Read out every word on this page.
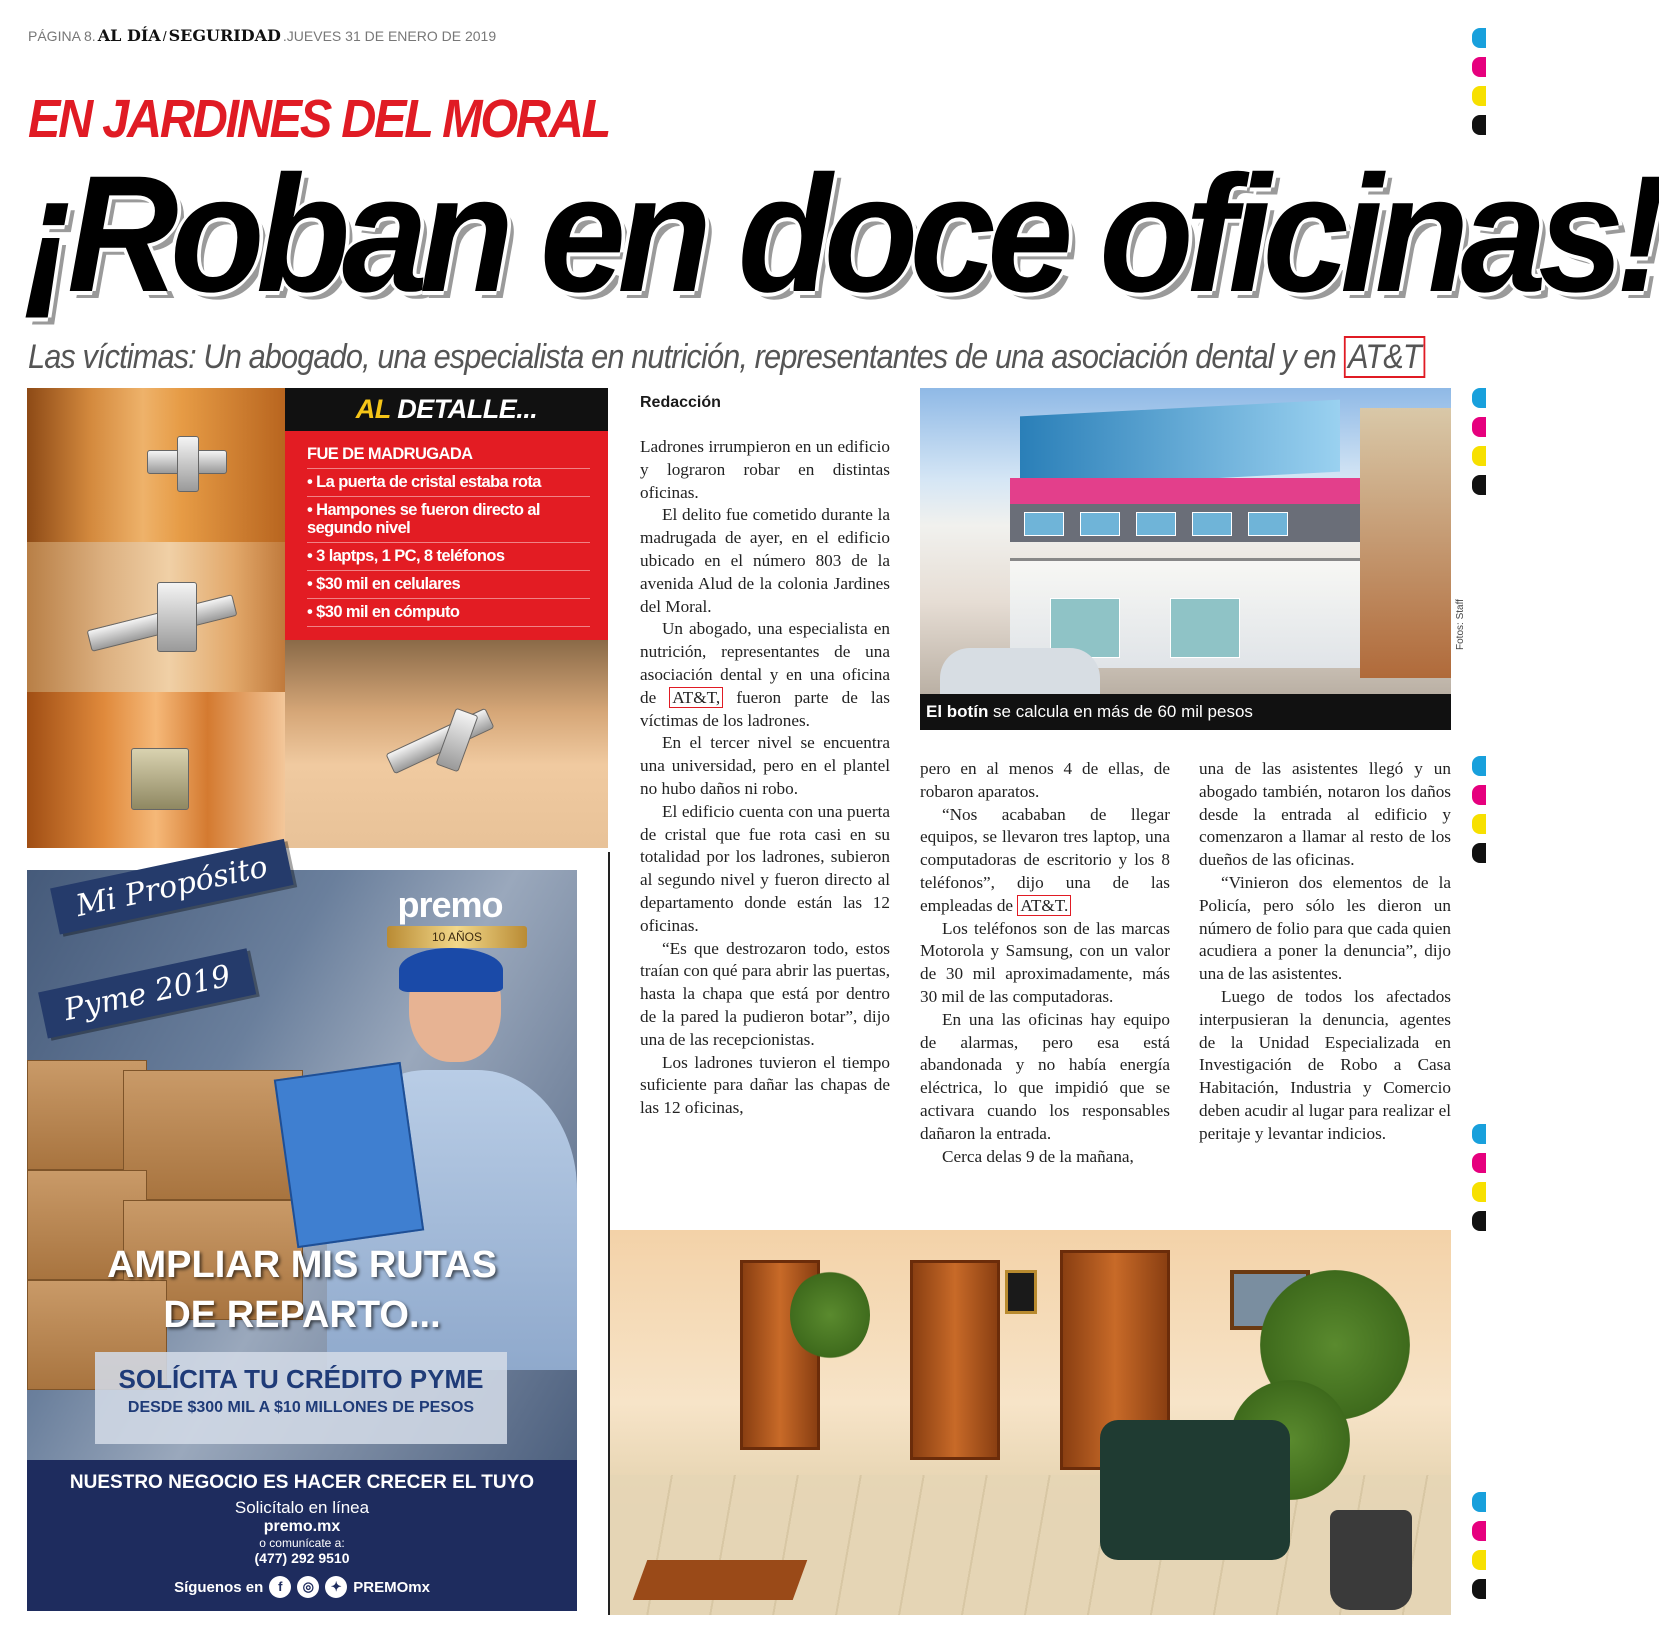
PÁGINA 8. AL DÍA / SEGURIDAD .JUEVES 31 DE ENERO DE 2019
EN JARDINES DEL MORAL
¡Roban en doce oficinas!
Las víctimas: Un abogado, una especialista en nutrición, representantes de una asociación dental y en AT&T
AL DETALLE...
FUE DE MADRUGADA
• La puerta de cristal estaba rota
• Hampones se fueron directo al segundo nivel
• 3 laptps, 1 PC, 8 teléfonos
• $30 mil en celulares
• $30 mil en cómputo
Mi Propósito
Pyme 2019
premo
10 AÑOS
AMPLIAR MIS RUTAS
DE REPARTO...
SOLÍCITA TU CRÉDITO PYME
DESDE $300 MIL A $10 MILLONES DE PESOS
NUESTRO NEGOCIO ES HACER CRECER EL TUYO
Solicítalo en línea
premo.mx
o comunícate a:
(477) 292 9510
Síguenos en	f	◎	✦ PREMOmx
Redacción

Ladrones irrumpieron en un edificio y lograron robar en distintas oficinas.

El delito fue cometido durante la madrugada de ayer, en el edificio ubicado en el número 803 de la avenida Alud de la colonia Jardines del Moral.

Un abogado, una especialista en nutrición, representantes de una asociación dental y en una oficina de AT&T, fueron parte de las víctimas de los ladrones.

En el tercer nivel se encuentra una universidad, pero en el plantel no hubo daños ni robo.

El edificio cuenta con una puerta de cristal que fue rota casi en su totalidad por los ladrones, subieron al segundo nivel y fueron directo al departamento donde están las 12 oficinas.

“Es que destrozaron todo, estos traían con qué para abrir las puertas, hasta la chapa que está por dentro de la pared la pudieron botar”, dijo una de las recepcionistas.

Los ladrones tuvieron el tiempo suficiente para dañar las chapas de las 12 oficinas,

pero en al menos 4 de ellas, de robaron aparatos.

“Nos acababan de llegar equipos, se llevaron tres laptop, una computadoras de escritorio y los 8 teléfonos”, dijo una de las empleadas de AT&T.

Los teléfonos son de las marcas Motorola y Samsung, con un valor de 30 mil aproximadamente, más 30 mil de las computadoras.

En una las oficinas hay equipo de alarmas, pero esa está abandonada y no había energía eléctrica, lo que impidió que se activara cuando los responsables dañaron la entrada.

Cerca delas 9 de la mañana,

una de las asistentes llegó y un abogado también, notaron los daños desde la entrada al edificio y comenzaron a llamar al resto de los dueños de las oficinas.

“Vinieron dos elementos de la Policía, pero sólo les dieron un número de folio para que cada quien acudiera a poner la denuncia”, dijo una de las asistentes.

Luego de todos los afectados interpusieran la denuncia, agentes de la Unidad Especializada en Investigación de Robo a Casa Habitación, Industria y Comercio deben acudir al lugar para realizar el peritaje y levantar indicios.

El botín se calcula en más de 60 mil pesos
Fotos: Staff
